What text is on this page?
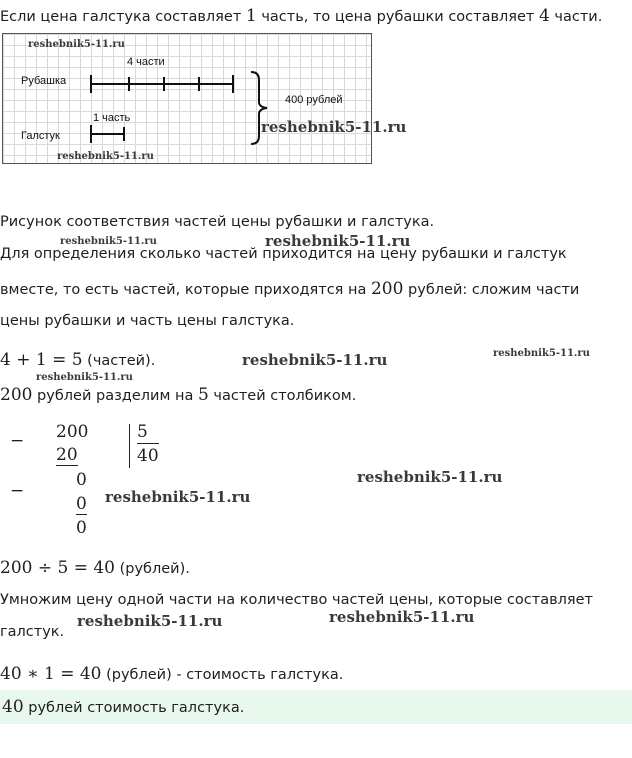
Если цена галстука составляет 1 часть, то цена рубашки составляет 4 части.
reshebnik5-11.ru
4 части
Рубашка
400 рублей
1 часть
Галстук	reshebnik5-11.ru
reshebnik5-11.ru
Рисунок соответствия частей цены рубашки и галстука.
reshebnik5-11.ru	reshebnik5-11.ru
Для определения сколько частей приходится на цену рубашки и галстук
вместе, то есть частей, которые приходятся на 200 рублей: сложим части
цены рубашки и часть цены галстука.
4 + 1 = 5 (частей).	reshebnik5-11.ru	reshebnik5-11.ru
reshebnik5-11.ru
200 рублей разделим на 5 частей столбиком.
− 200
20
5
40
−
0
0
0
reshebnik5-11.ru
reshebnik5-11.ru
200 ÷ 5 = 40 (рублей).
Умножим цену одной части на количество частей цены, которые составляет
галстук.
reshebnik5-11.ru	reshebnik5-11.ru
40 ∗ 1 = 40 (рублей) - стоимость галстука.
40 рублей стоимость галстука.
